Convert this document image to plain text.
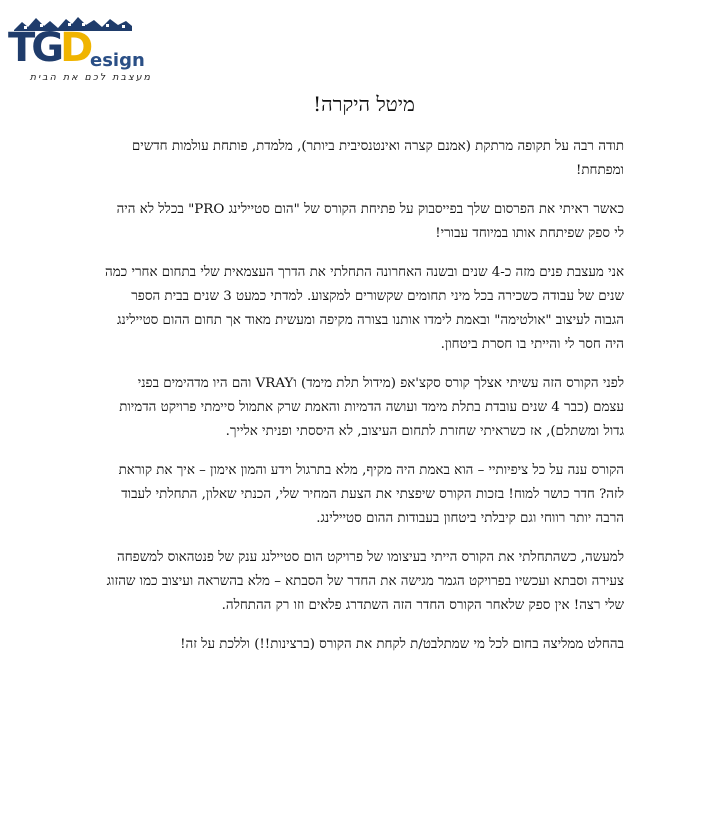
TGD esign
מעצבת לכם את הבית
מיטל היקרה!

תודה רבה על תקופה מרתקת (אמנם קצרה ואינטנסיבית ביותר), מלמדת, פותחת עולמות חדשים ומפתחת!

כאשר ראיתי את הפרסום שלך בפייסבוק על פתיחת הקורס של "הום סטיילינג PRO" בכלל לא היה לי ספק שפיתחת אותו במיוחד עבורי!

אני מעצבת פנים מזה כ-4 שנים ובשנה האחרונה התחלתי את הדרך העצמאית שלי בתחום אחרי כמה שנים של עבודה כשכירה בכל מיני תחומים שקשורים למקצוע. למדתי כמעט 3 שנים בבית הספר הגבוה לעיצוב "אולטימה" ובאמת לימדו אותנו בצורה מקיפה ומעשית מאוד אך תחום ההום סטיילינג היה חסר לי והייתי בו חסרת ביטחון.

לפני הקורס הזה עשיתי אצלך קורס סקצ'אפ (מידול תלת מימד) וVRAY והם היו מדהימים בפני עצמם (כבר 4 שנים עובדת בתלת מימד ועושה הדמיות והאמת שרק אתמול סיימתי פרויקט הדמיות גדול ומשתלם), אז כשראיתי שחזרת לתחום העיצוב, לא היססתי ופניתי אלייך.

הקורס ענה על כל ציפיותיי – הוא באמת היה מקיף, מלא בתרגול וידע והמון אימון – איך את קוראת לזה? חדר כושר למוח! בזכות הקורס שיפצתי את הצעת המחיר שלי, הכנתי שאלון, התחלתי לעבוד הרבה יותר רווחי וגם קיבלתי ביטחון בעבודות ההום סטיילינג.

למעשה, כשהתחלתי את הקורס הייתי בעיצומו של פרויקט הום סטיילנג ענק של פנטהאוס למשפחה צעירה וסבתא ועכשיו בפרויקט הגמר מגישה את החדר של הסבתא – מלא בהשראה ועיצוב כמו שהזוג שלי רצה! אין ספק שלאחר הקורס החדר הזה השתדרג פלאים וזו רק ההתחלה.

בהחלט ממליצה בחום לכל מי שמתלבט/ת לקחת את הקורס (ברצינות!!) וללכת על זה!
